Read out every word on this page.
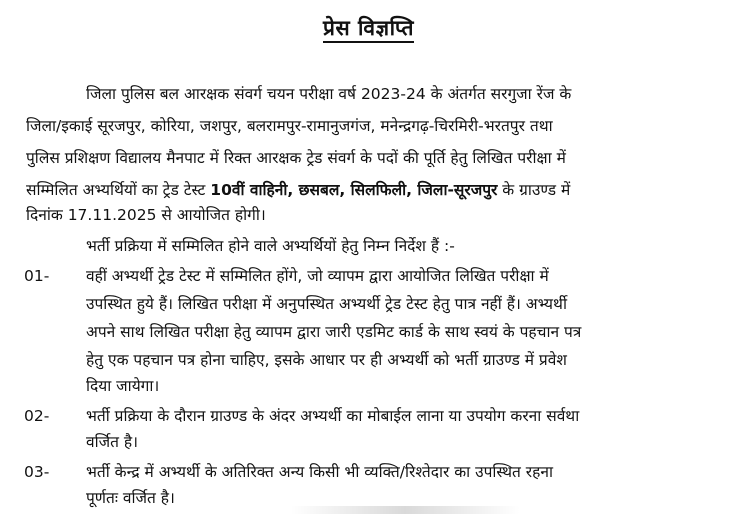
प्रेस विज्ञप्ति
जिला पुलिस बल आरक्षक संवर्ग चयन परीक्षा वर्ष 2023-24 के अंतर्गत सरगुजा रेंज के
जिला/इकाई सूरजपुर, कोरिया, जशपुर, बलरामपुर-रामानुजगंज, मनेन्द्रगढ़-चिरमिरी-भरतपुर तथा
पुलिस प्रशिक्षण विद्यालय मैनपाट में रिक्त आरक्षक ट्रेड संवर्ग के पदों की पूर्ति हेतु लिखित परीक्षा में
सम्मिलित अभ्यर्थियों का ट्रेड टेस्ट 10वीं वाहिनी, छसबल, सिलफिली, जिला-सूरजपुर के ग्राउण्ड में
दिनांक 17.11.2025 से आयोजित होगी।
भर्ती प्रक्रिया में सम्मिलित होने वाले अभ्यर्थियों हेतु निम्न निर्देश हैं :-
01- वहीं अभ्यर्थी ट्रेड टेस्ट में सम्मिलित होंगे, जो व्यापम द्वारा आयोजित लिखित परीक्षा में
उपस्थित हुये हैं। लिखित परीक्षा में अनुपस्थित अभ्यर्थी ट्रेड टेस्ट हेतु पात्र नहीं हैं। अभ्यर्थी
अपने साथ लिखित परीक्षा हेतु व्यापम द्वारा जारी एडमिट कार्ड के साथ स्वयं के पहचान पत्र
हेतु एक पहचान पत्र होना चाहिए, इसके आधार पर ही अभ्यर्थी को भर्ती ग्राउण्ड में प्रवेश
दिया जायेगा।
02- भर्ती प्रक्रिया के दौरान ग्राउण्ड के अंदर अभ्यर्थी का मोबाईल लाना या उपयोग करना सर्वथा
वर्जित है।
03- भर्ती केन्द्र में अभ्यर्थी के अतिरिक्त अन्य किसी भी व्यक्ति/रिश्तेदार का उपस्थित रहना
पूर्णतः वर्जित है।
